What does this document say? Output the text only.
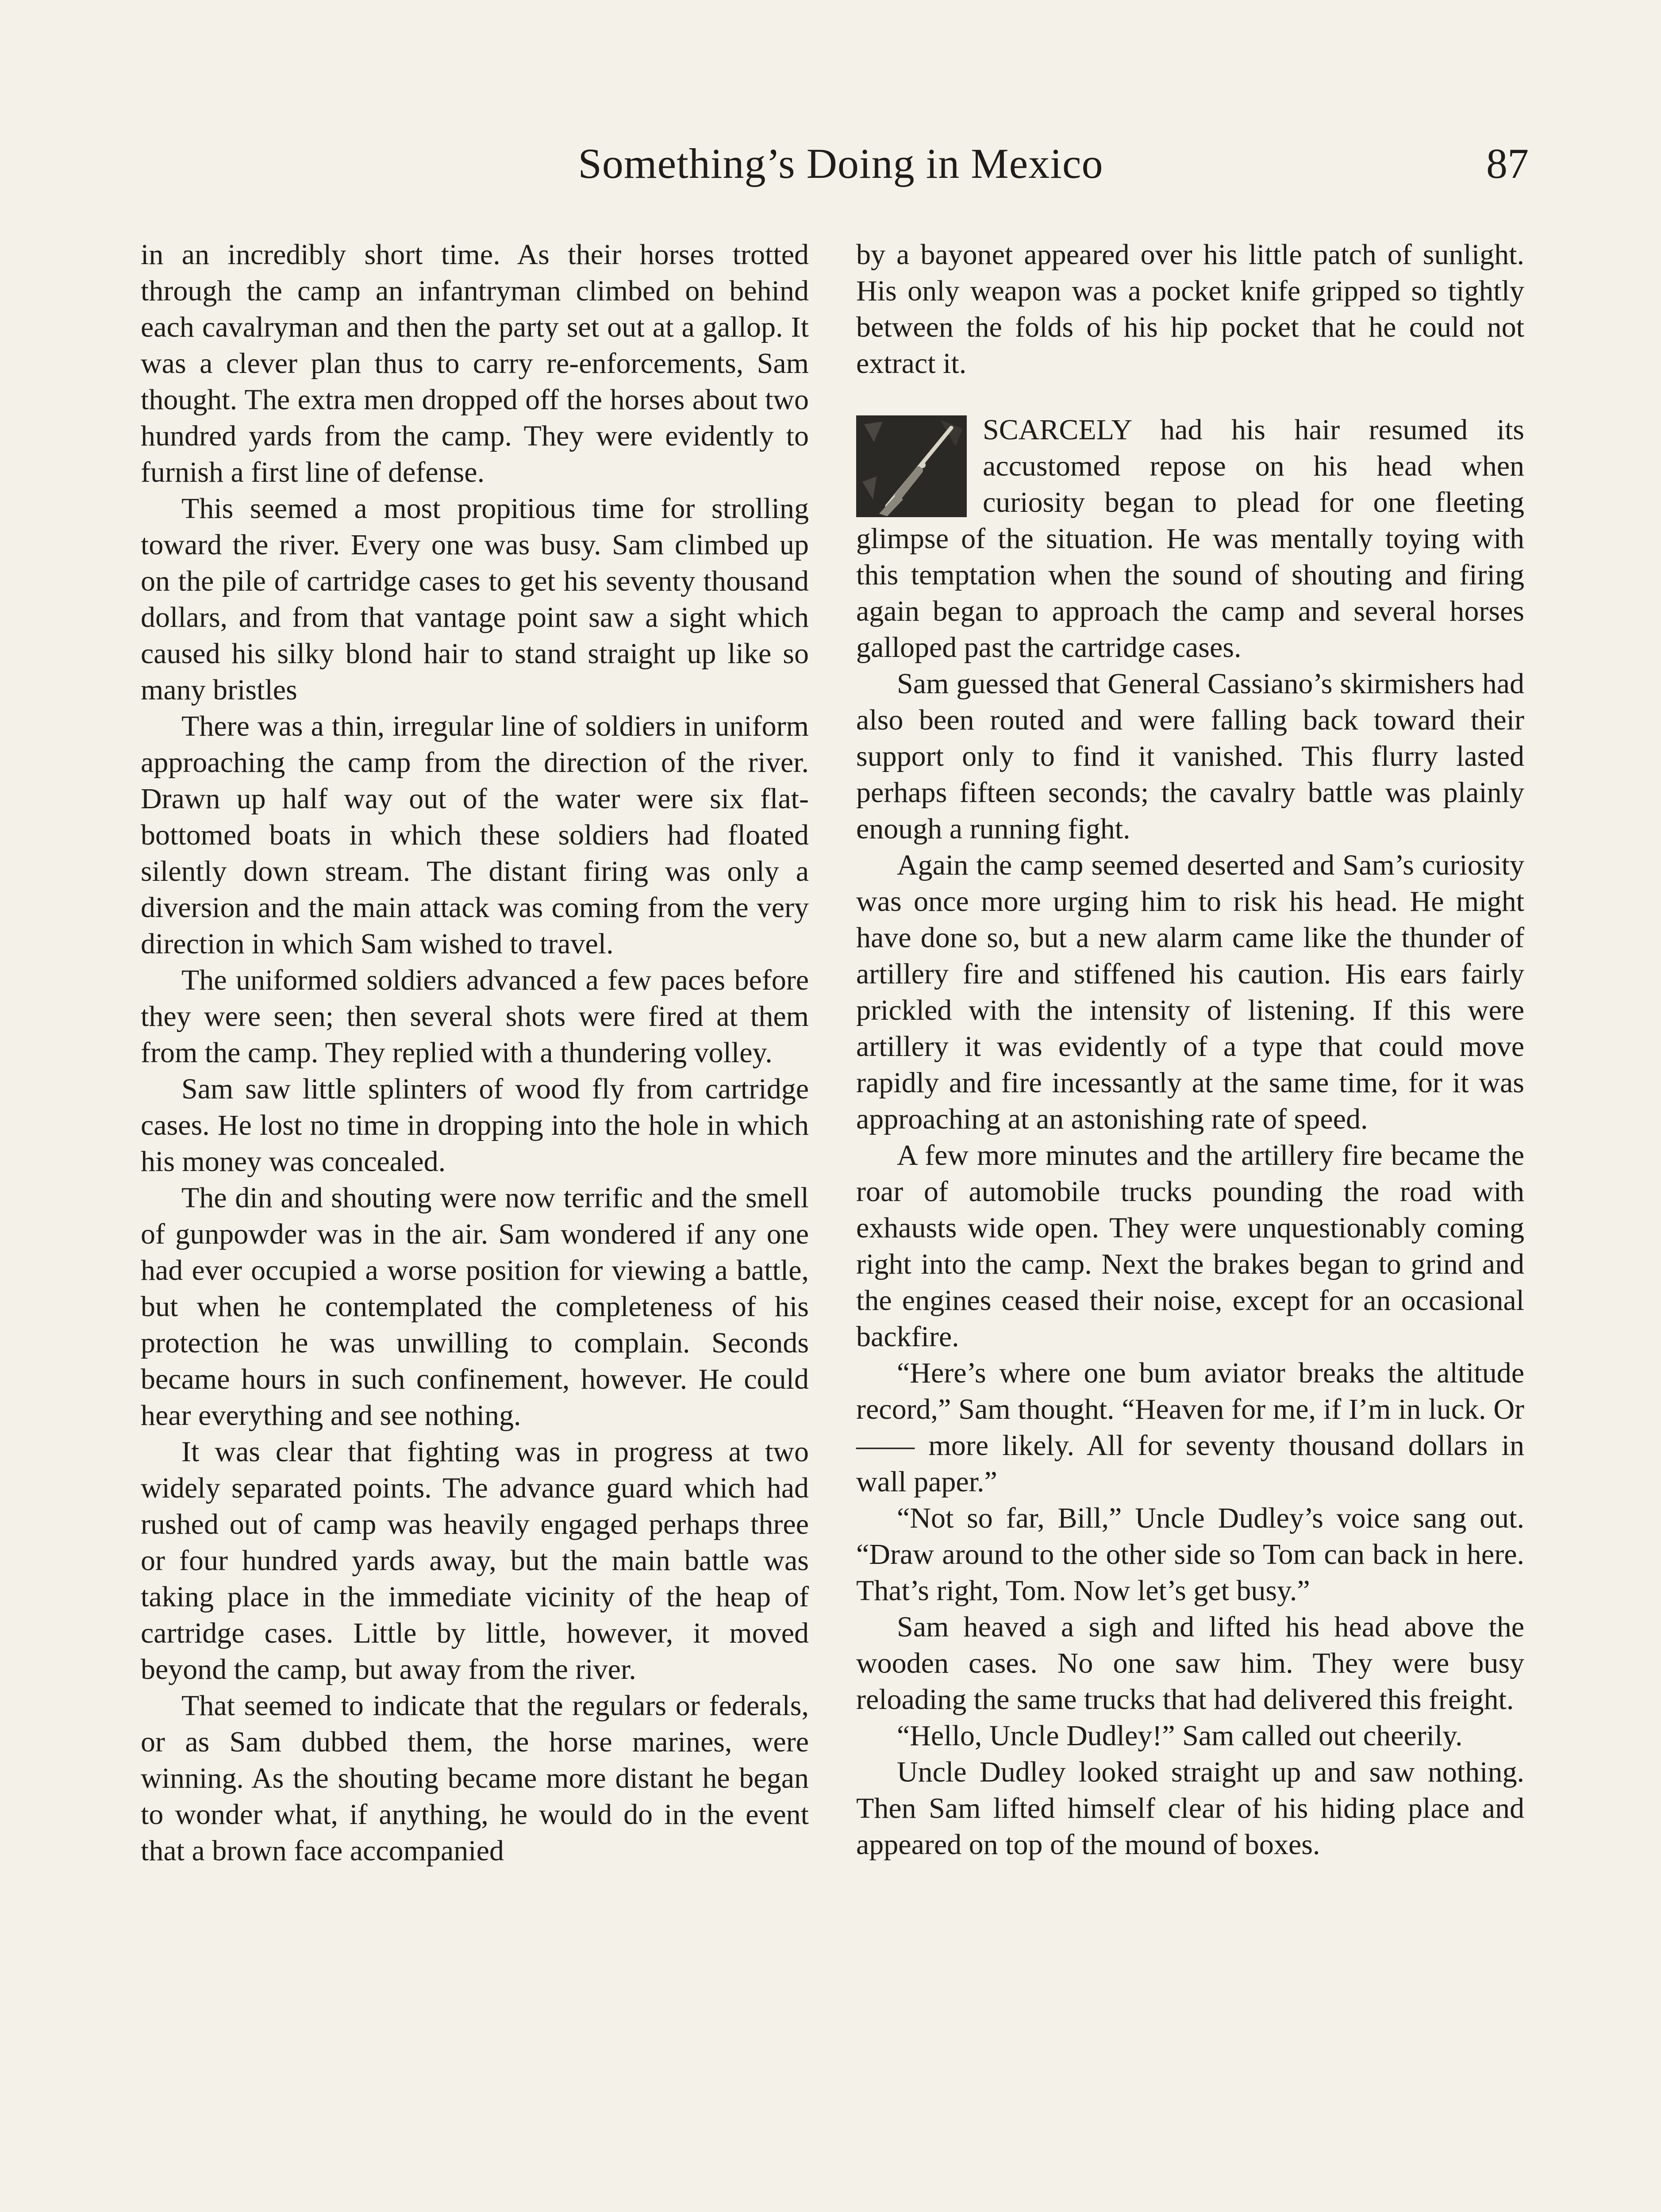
Something’s Doing in Mexico	87

in an incredibly short time. As their horses trotted through the camp an infantryman climbed on behind each cavalryman and then the party set out at a gallop. It was a clever plan thus to carry re-enforcements, Sam thought. The extra men dropped off the horses about two hundred yards from the camp. They were evidently to furnish a first line of defense.

This seemed a most propitious time for strolling toward the river. Every one was busy. Sam climbed up on the pile of cartridge cases to get his seventy thousand dollars, and from that vantage point saw a sight which caused his silky blond hair to stand straight up like so many bristles

There was a thin, irregular line of soldiers in uniform approaching the camp from the direction of the river. Drawn up half way out of the water were six flat-bottomed boats in which these soldiers had floated silently down stream. The distant firing was only a diversion and the main attack was coming from the very direction in which Sam wished to travel.

The uniformed soldiers advanced a few paces before they were seen; then several shots were fired at them from the camp. They replied with a thundering volley.

Sam saw little splinters of wood fly from cartridge cases. He lost no time in dropping into the hole in which his money was concealed.

The din and shouting were now terrific and the smell of gunpowder was in the air. Sam wondered if any one had ever occupied a worse position for viewing a battle, but when he contemplated the completeness of his protection he was unwilling to complain. Seconds became hours in such confinement, however. He could hear everything and see nothing.

It was clear that fighting was in progress at two widely separated points. The advance guard which had rushed out of camp was heavily engaged perhaps three or four hundred yards away, but the main battle was taking place in the immediate vicinity of the heap of cartridge cases. Little by little, however, it moved beyond the camp, but away from the river.

That seemed to indicate that the regulars or federals, or as Sam dubbed them, the horse marines, were winning. As the shouting became more distant he began to wonder what, if anything, he would do in the event that a brown face accompanied

by a bayonet appeared over his little patch of sunlight. His only weapon was a pocket knife gripped so tightly between the folds of his hip pocket that he could not extract it.

SCARCELY had his hair resumed its accustomed repose on his head when curiosity began to plead for one fleeting glimpse of the situation. He was mentally toying with this temptation when the sound of shouting and firing again began to approach the camp and several horses galloped past the cartridge cases.

Sam guessed that General Cassiano’s skirmishers had also been routed and were falling back toward their support only to find it vanished. This flurry lasted perhaps fifteen seconds; the cavalry battle was plainly enough a running fight.

Again the camp seemed deserted and Sam’s curiosity was once more urging him to risk his head. He might have done so, but a new alarm came like the thunder of artillery fire and stiffened his caution. His ears fairly prickled with the intensity of listening. If this were artillery it was evidently of a type that could move rapidly and fire incessantly at the same time, for it was approaching at an astonishing rate of speed.

A few more minutes and the artillery fire became the roar of automobile trucks pounding the road with exhausts wide open. They were unquestionably coming right into the camp. Next the brakes began to grind and the engines ceased their noise, except for an occasional backfire.

“Here’s where one bum aviator breaks the altitude record,” Sam thought. “Heaven for me, if I’m in luck. Or —— more likely. All for seventy thousand dollars in wall paper.”

“Not so far, Bill,” Uncle Dudley’s voice sang out. “Draw around to the other side so Tom can back in here. That’s right, Tom. Now let’s get busy.”

Sam heaved a sigh and lifted his head above the wooden cases. No one saw him. They were busy reloading the same trucks that had delivered this freight.

“Hello, Uncle Dudley!” Sam called out cheerily.

Uncle Dudley looked straight up and saw nothing. Then Sam lifted himself clear of his hiding place and appeared on top of the mound of boxes.
